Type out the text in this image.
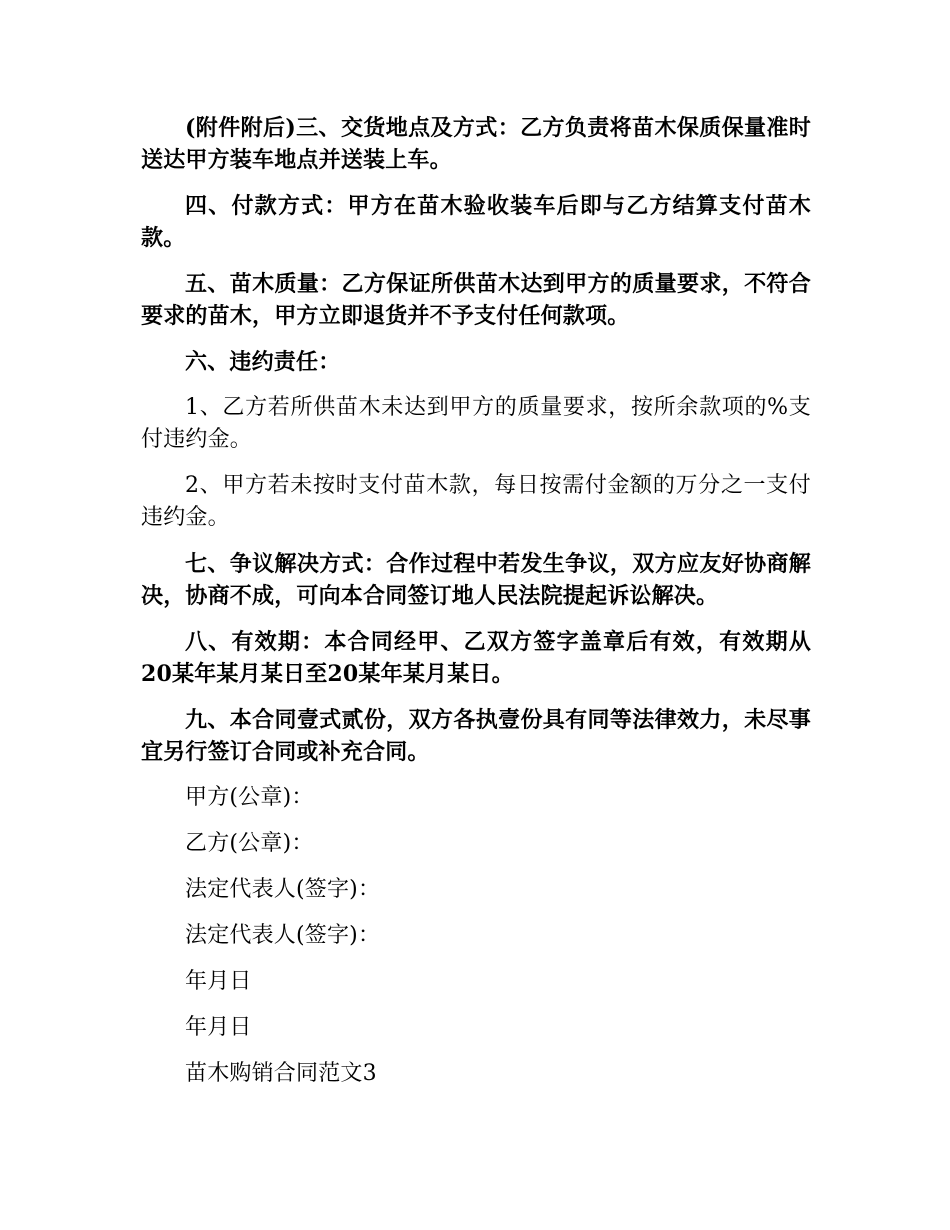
(附件附后)三、交货地点及方式：乙方负责将苗木保质保量准时送达甲方装车地点并送装上车。

四、付款方式：甲方在苗木验收装车后即与乙方结算支付苗木款。

五、苗木质量：乙方保证所供苗木达到甲方的质量要求，不符合要求的苗木，甲方立即退货并不予支付任何款项。

六、违约责任：

1、乙方若所供苗木未达到甲方的质量要求，按所余款项的%支付违约金。

2、甲方若未按时支付苗木款，每日按需付金额的万分之一支付违约金。

七、争议解决方式：合作过程中若发生争议，双方应友好协商解决，协商不成，可向本合同签订地人民法院提起诉讼解决。

八、有效期：本合同经甲、乙双方签字盖章后有效，有效期从20某年某月某日至20某年某月某日。

九、本合同壹式贰份，双方各执壹份具有同等法律效力，未尽事宜另行签订合同或补充合同。

甲方(公章)：

乙方(公章)：

法定代表人(签字)：

法定代表人(签字)：

年月日

年月日

苗木购销合同范文3
